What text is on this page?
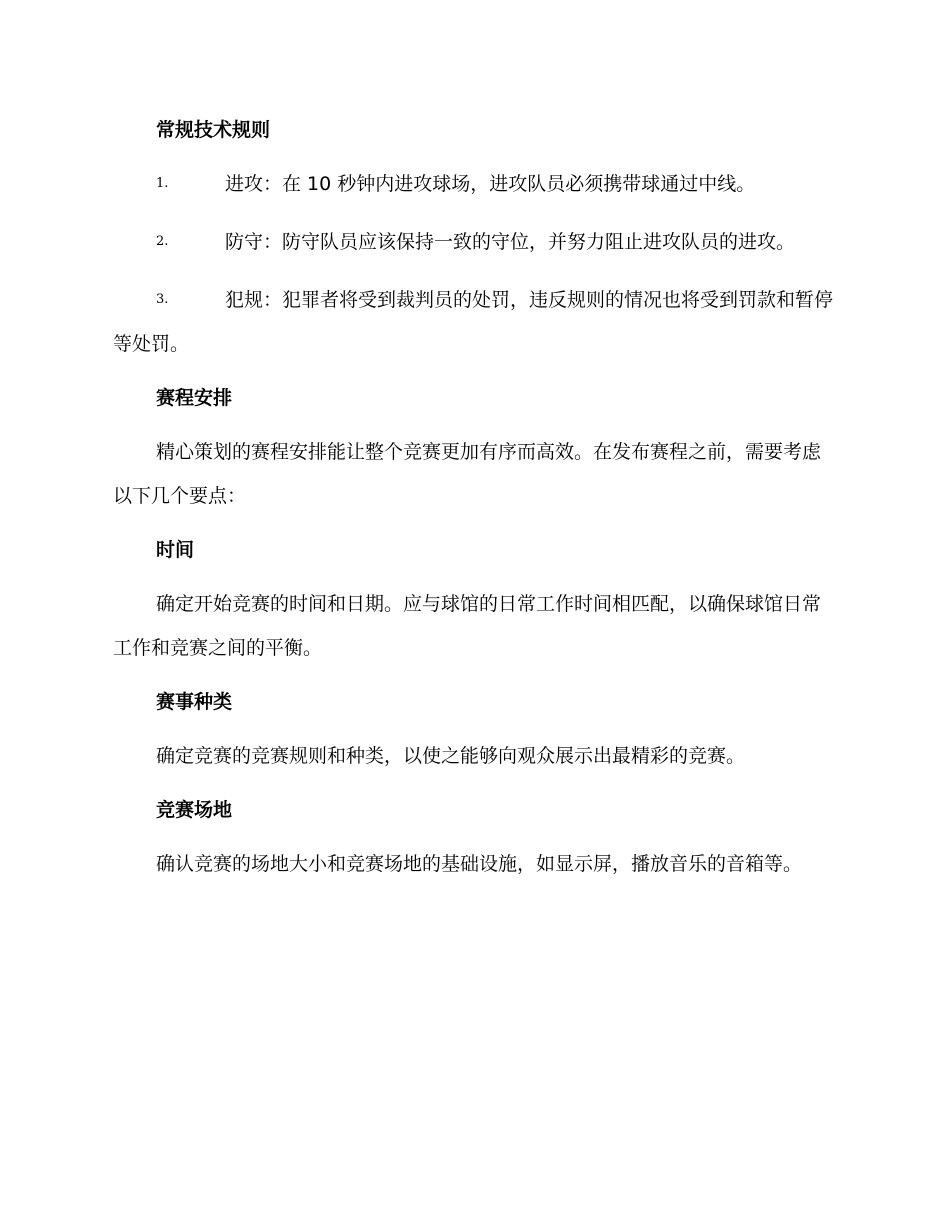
常规技术规则

1.	进攻：在 10 秒钟内进攻球场，进攻队员必须携带球通过中线。

2.	防守：防守队员应该保持一致的守位，并努力阻止进攻队员的进攻。

3.	犯规：犯罪者将受到裁判员的处罚，违反规则的情况也将受到罚款和暂停等处罚。

赛程安排

精心策划的赛程安排能让整个竞赛更加有序而高效。在发布赛程之前，需要考虑以下几个要点：

时间

确定开始竞赛的时间和日期。应与球馆的日常工作时间相匹配，以确保球馆日常工作和竞赛之间的平衡。

赛事种类

确定竞赛的竞赛规则和种类，以使之能够向观众展示出最精彩的竞赛。

竞赛场地

确认竞赛的场地大小和竞赛场地的基础设施，如显示屏，播放音乐的音箱等。
